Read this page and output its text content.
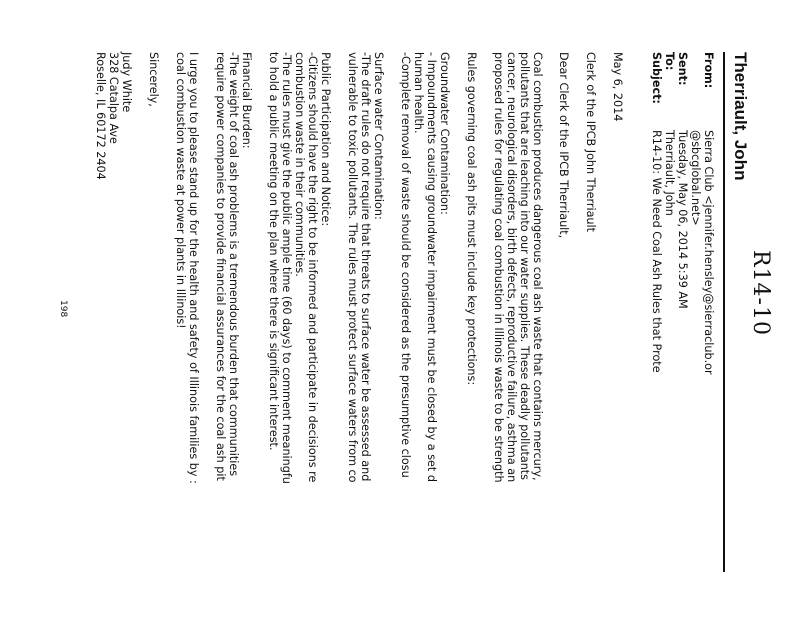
R14-10
Therriault, John
From:
Sierra Club <jennifer.hensley@sierraclub.or
@sbcglobal.net>
Sent:
Tuesday, May 06, 2014 5:39 AM
To:
Therriault, John
Subject:
R14-10: We Need Coal Ash Rules that Prote
May 6, 2014
Clerk of the IPCB John Therriault
Dear Clerk of the IPCB Therriault,
Coal combustion produces dangerous coal ash waste that contains mercury,
pollutants that are leaching into our water supplies. These deadly pollutants
cancer, neurological disorders, birth defects, reproductive failure, asthma an
proposed rules for regulating coal combustion in Illinois waste to be strength
Rules governing coal ash pits must include key protections:
Groundwater Contamination:
- Impoundments causing groundwater impairment must be closed by a set d
human health.
-Complete removal of waste should be considered as the presumptive closu
Surface water Contamination:
-The draft rules do not require that threats to surface water be assessed and
vulnerable to toxic pollutants. The rules must protect surface waters from co
Public Participation and Notice:
-Citizens should have the right to be informed and participate in decisions re
combustion waste in their communities.
-The rules must give the public ample time (60 days) to comment meaningfu
to hold a public meeting on the plan where there is significant interest.
Financial Burden:
-The weight of coal ash problems is a tremendous burden that communities
require power companies to provide financial assurances for the coal ash pit
I urge you to please stand up for the health and safety of Illinois families by :
coal combustion waste at power plants in Illinois!
Sincerely,
Judy White
328 Catalpa Ave
Roselle, IL 60172 2404
198
